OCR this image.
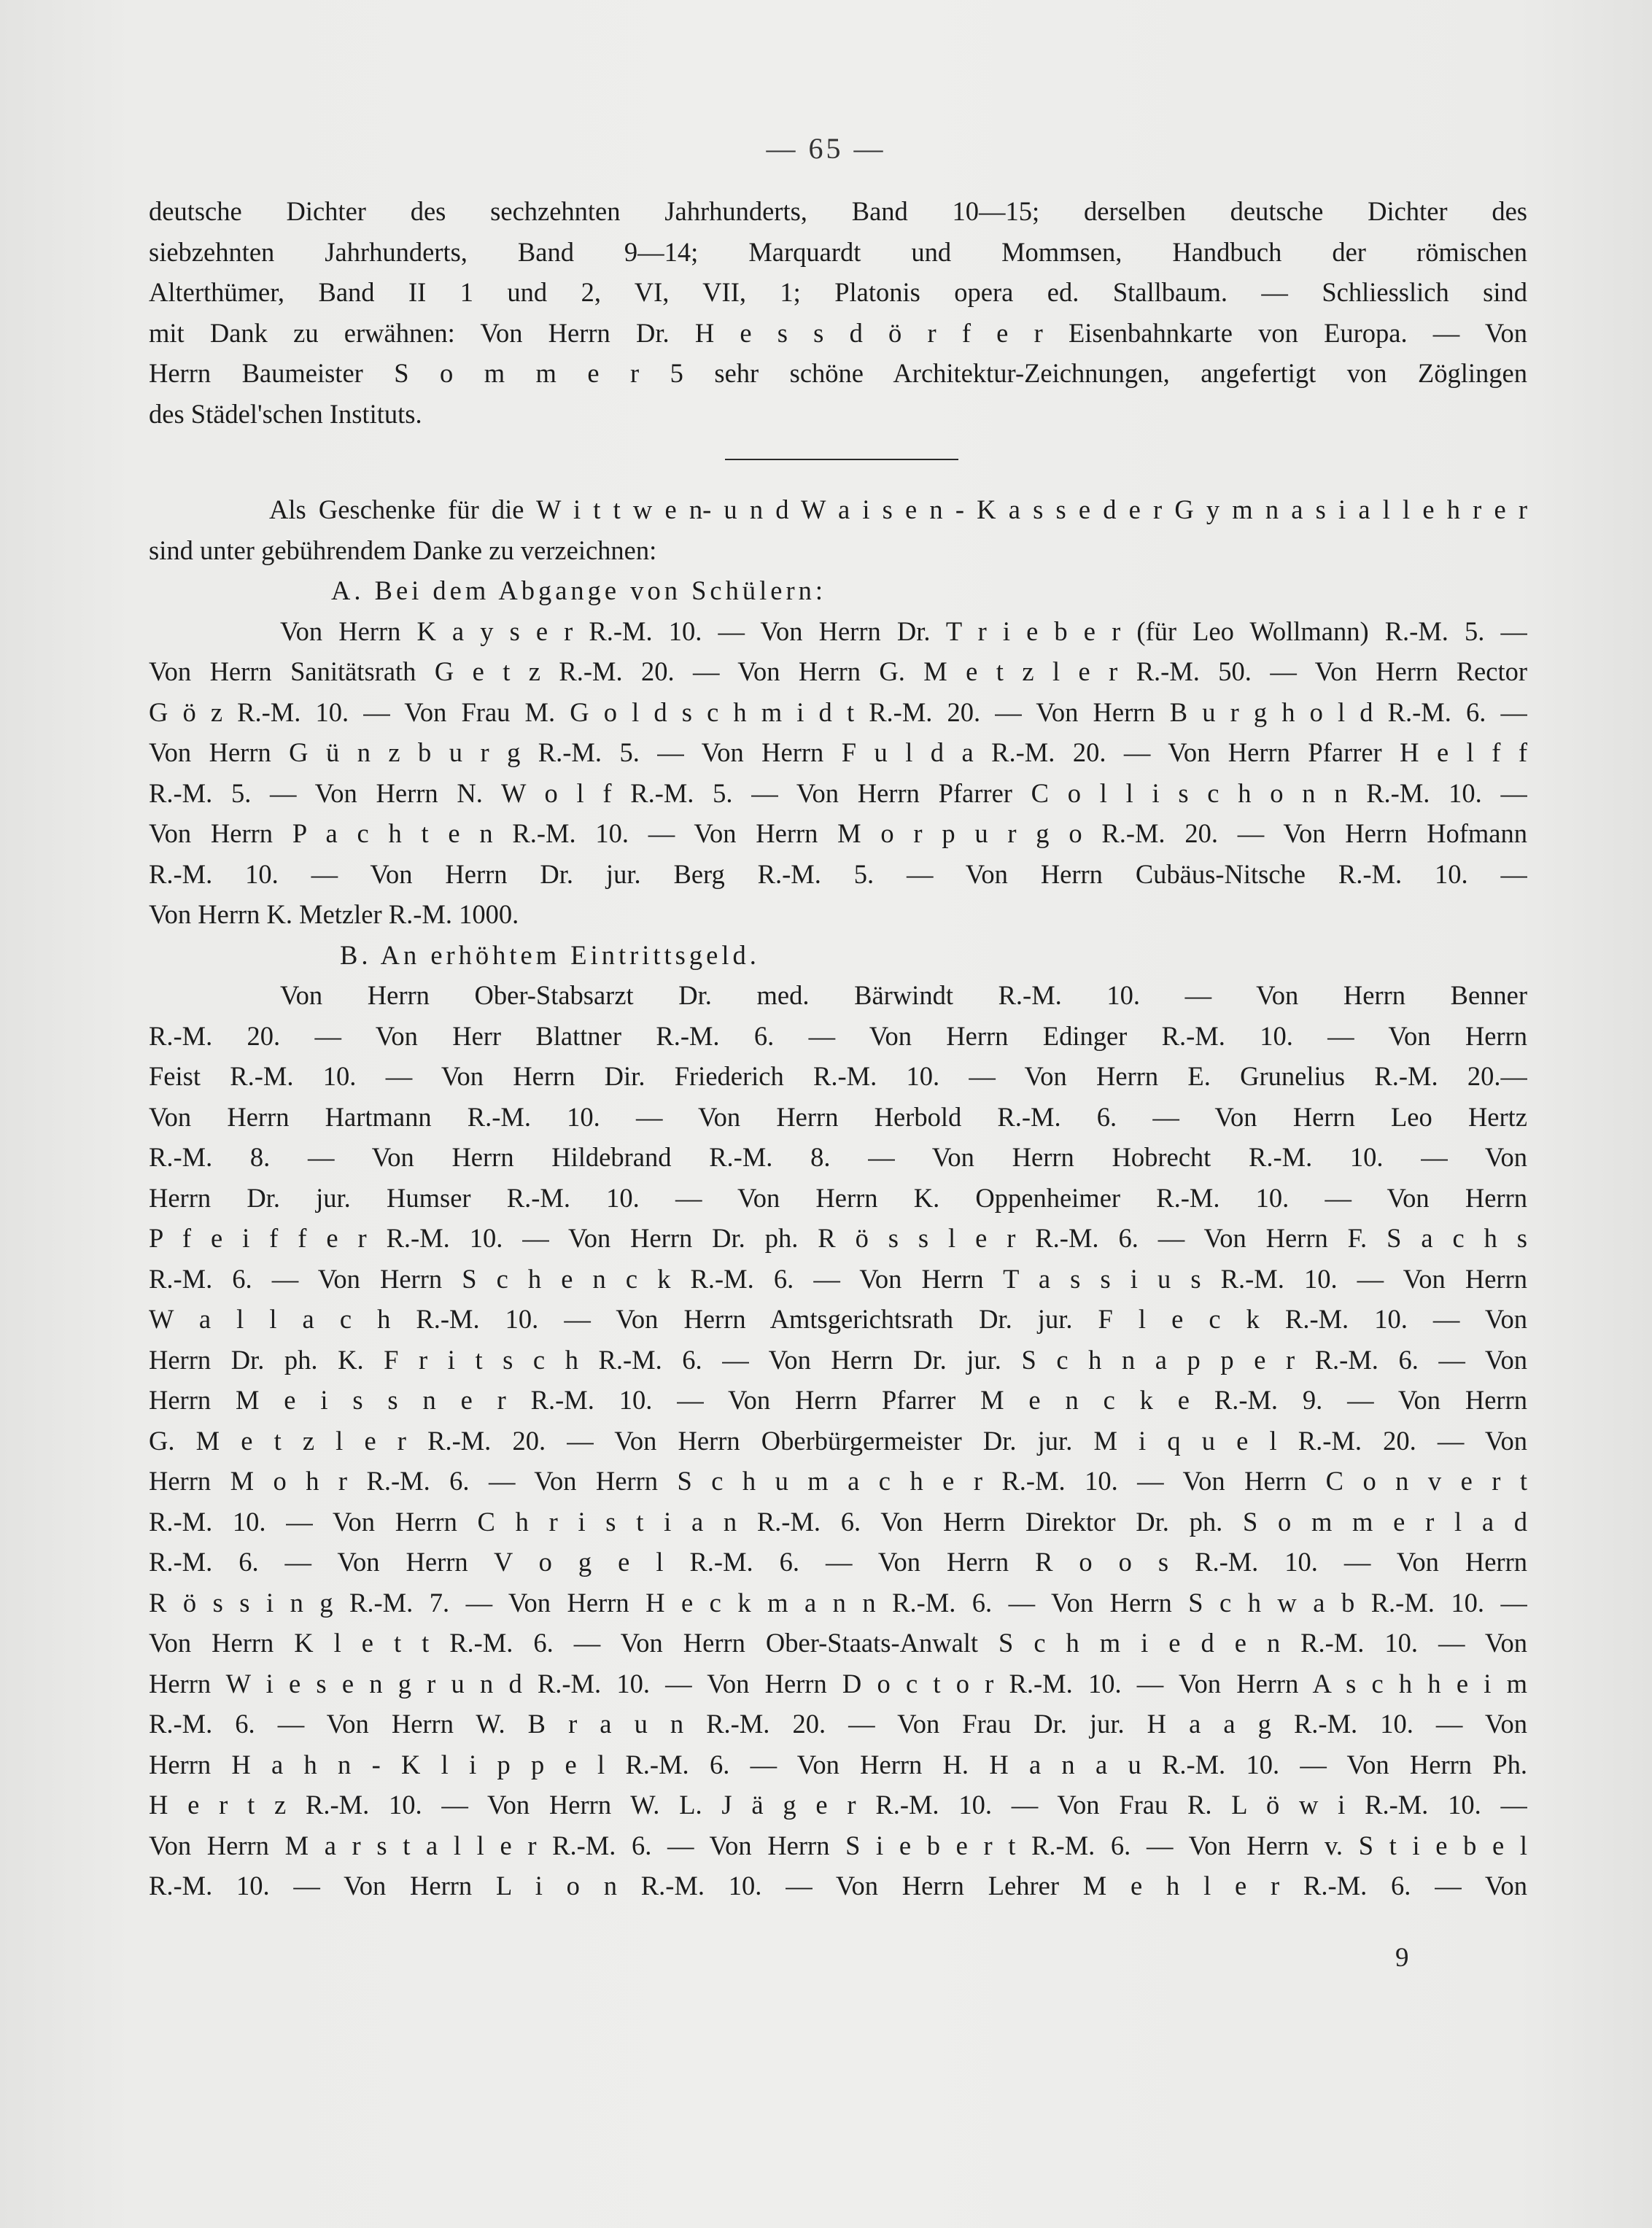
— 65 —
deutsche Dichter des sechzehnten Jahrhunderts, Band 10—15; derselben deutsche Dichter des
siebzehnten Jahrhunderts, Band 9—14; Marquardt und Mommsen, Handbuch der römischen
Alterthümer, Band II 1 und 2, VI, VII, 1; Platonis opera ed. Stallbaum. — Schliesslich sind
mit Dank zu erwähnen: Von Herrn Dr. H e s s d ö r f e r Eisenbahnkarte von Europa. — Von
Herrn Baumeister S o m m e r 5 sehr schöne Architektur-Zeichnungen, angefertigt von Zöglingen
des Städel'schen Instituts.
Als Geschenke für die W i t t w e n- u n d W a i s e n - K a s s e d e r G y m n a s i a l l e h r e r
sind unter gebührendem Danke zu verzeichnen:
A. Bei dem Abgange von Schülern:
Von Herrn K a y s e r R.-M. 10. — Von Herrn Dr. T r i e b e r (für Leo Wollmann) R.-M. 5. —
Von Herrn Sanitätsrath G e t z R.-M. 20. — Von Herrn G. M e t z l e r R.-M. 50. — Von Herrn Rector
G ö z R.-M. 10. — Von Frau M. G o l d s c h m i d t R.-M. 20. — Von Herrn B u r g h o l d R.-M. 6. —
Von Herrn G ü n z b u r g R.-M. 5. — Von Herrn F u l d a R.-M. 20. — Von Herrn Pfarrer H e l f f
R.-M. 5. — Von Herrn N. W o l f R.-M. 5. — Von Herrn Pfarrer C o l l i s c h o n n R.-M. 10. —
Von Herrn P a c h t e n R.-M. 10. — Von Herrn M o r p u r g o R.-M. 20. — Von Herrn Hofmann
R.-M. 10. — Von Herrn Dr. jur. Berg R.-M. 5. — Von Herrn Cubäus-Nitsche R.-M. 10. —
Von Herrn K. Metzler R.-M. 1000.
B. An erhöhtem Eintrittsgeld.
Von Herrn Ober-Stabsarzt Dr. med. Bärwindt R.-M. 10. — Von Herrn Benner
R.-M. 20. — Von Herr Blattner R.-M. 6. — Von Herrn Edinger R.-M. 10. — Von Herrn
Feist R.-M. 10. — Von Herrn Dir. Friederich R.-M. 10. — Von Herrn E. Grunelius R.-M. 20.—
Von Herrn Hartmann R.-M. 10. — Von Herrn Herbold R.-M. 6. — Von Herrn Leo Hertz
R.-M. 8. — Von Herrn Hildebrand R.-M. 8. — Von Herrn Hobrecht R.-M. 10. — Von
Herrn Dr. jur. Humser R.-M. 10. — Von Herrn K. Oppenheimer R.-M. 10. — Von Herrn
P f e i f f e r R.-M. 10. — Von Herrn Dr. ph. R ö s s l e r R.-M. 6. — Von Herrn F. S a c h s
R.-M. 6. — Von Herrn S c h e n c k R.-M. 6. — Von Herrn T a s s i u s R.-M. 10. — Von Herrn
W a l l a c h R.-M. 10. — Von Herrn Amtsgerichtsrath Dr. jur. F l e c k R.-M. 10. — Von
Herrn Dr. ph. K. F r i t s c h R.-M. 6. — Von Herrn Dr. jur. S c h n a p p e r R.-M. 6. — Von
Herrn M e i s s n e r R.-M. 10. — Von Herrn Pfarrer M e n c k e R.-M. 9. — Von Herrn
G. M e t z l e r R.-M. 20. — Von Herrn Oberbürgermeister Dr. jur. M i q u e l R.-M. 20. — Von
Herrn M o h r R.-M. 6. — Von Herrn S c h u m a c h e r R.-M. 10. — Von Herrn C o n v e r t
R.-M. 10. — Von Herrn C h r i s t i a n R.-M. 6. Von Herrn Direktor Dr. ph. S o m m e r l a d
R.-M. 6. — Von Herrn V o g e l R.-M. 6. — Von Herrn R o o s R.-M. 10. — Von Herrn
R ö s s i n g R.-M. 7. — Von Herrn H e c k m a n n R.-M. 6. — Von Herrn S c h w a b R.-M. 10. —
Von Herrn K l e t t R.-M. 6. — Von Herrn Ober-Staats-Anwalt S c h m i e d e n R.-M. 10. — Von
Herrn W i e s e n g r u n d R.-M. 10. — Von Herrn D o c t o r R.-M. 10. — Von Herrn A s c h h e i m
R.-M. 6. — Von Herrn W. B r a u n R.-M. 20. — Von Frau Dr. jur. H a a g R.-M. 10. — Von
Herrn H a h n - K l i p p e l R.-M. 6. — Von Herrn H. H a n a u R.-M. 10. — Von Herrn Ph.
H e r t z R.-M. 10. — Von Herrn W. L. J ä g e r R.-M. 10. — Von Frau R. L ö w i R.-M. 10. —
Von Herrn M a r s t a l l e r R.-M. 6. — Von Herrn S i e b e r t R.-M. 6. — Von Herrn v. S t i e b e l
R.-M. 10. — Von Herrn L i o n R.-M. 10. — Von Herrn Lehrer M e h l e r R.-M. 6. — Von
9
